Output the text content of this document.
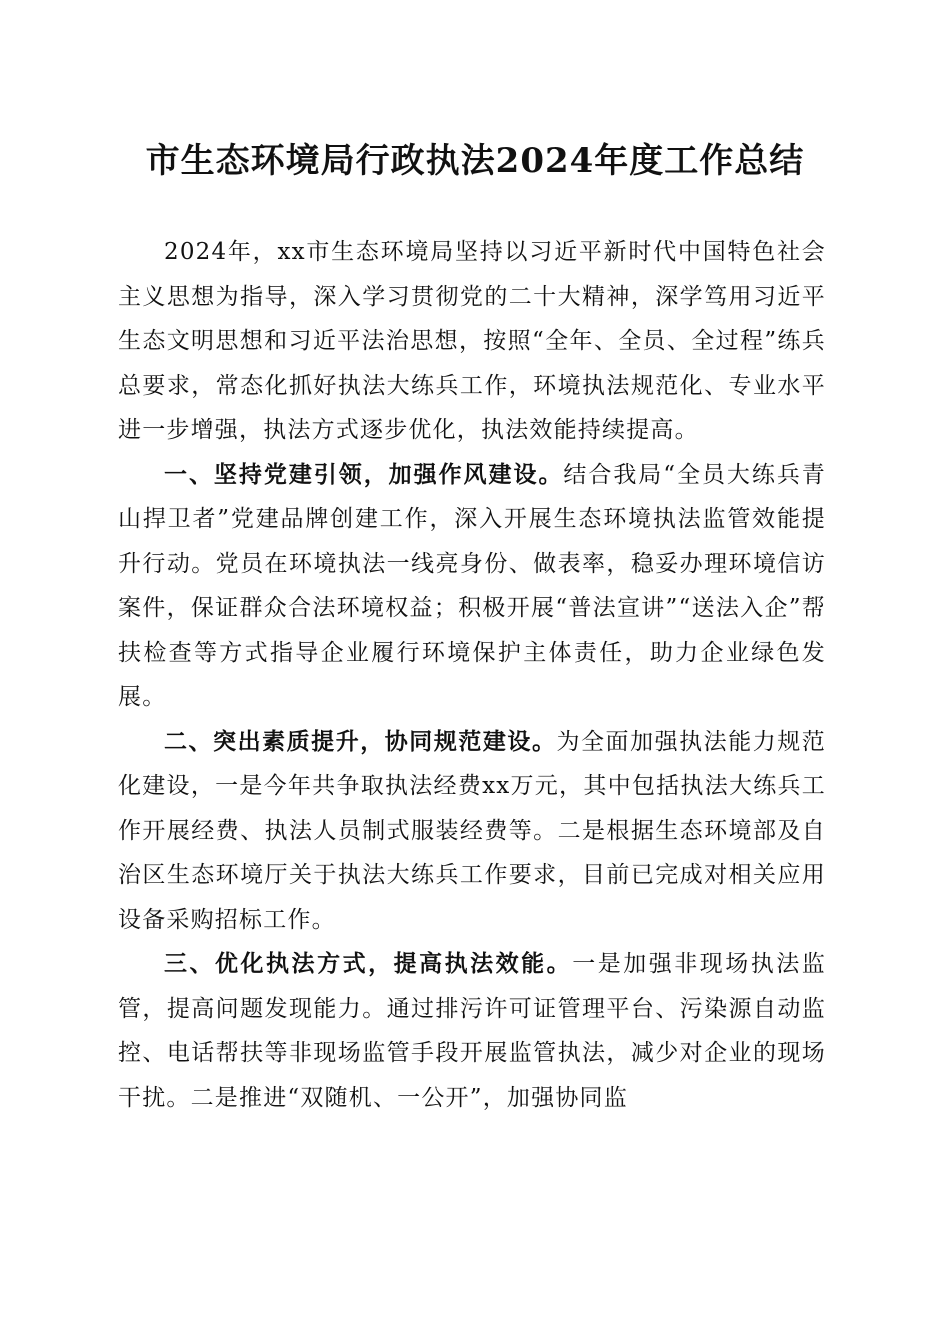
市生态环境局行政执法2024年度工作总结

2024年，xx市生态环境局坚持以习近平新时代中国特色社会主义思想为指导，深入学习贯彻党的二十大精神，深学笃用习近平生态文明思想和习近平法治思想，按照“全年、全员、全过程”练兵总要求，常态化抓好执法大练兵工作，环境执法规范化、专业水平进一步增强，执法方式逐步优化，执法效能持续提高。

一、坚持党建引领，加强作风建设。结合我局“全员大练兵青山捍卫者”党建品牌创建工作，深入开展生态环境执法监管效能提升行动。党员在环境执法一线亮身份、做表率，稳妥办理环境信访案件，保证群众合法环境权益；积极开展“普法宣讲”“送法入企”帮扶检查等方式指导企业履行环境保护主体责任，助力企业绿色发展。

二、突出素质提升，协同规范建设。为全面加强执法能力规范化建设，一是今年共争取执法经费xx万元，其中包括执法大练兵工作开展经费、执法人员制式服装经费等。二是根据生态环境部及自治区生态环境厅关于执法大练兵工作要求，目前已完成对相关应用设备采购招标工作。

三、优化执法方式，提高执法效能。一是加强非现场执法监管，提高问题发现能力。通过排污许可证管理平台、污染源自动监控、电话帮扶等非现场监管手段开展监管执法，减少对企业的现场干扰。二是推进“双随机、一公开”，加强协同监
